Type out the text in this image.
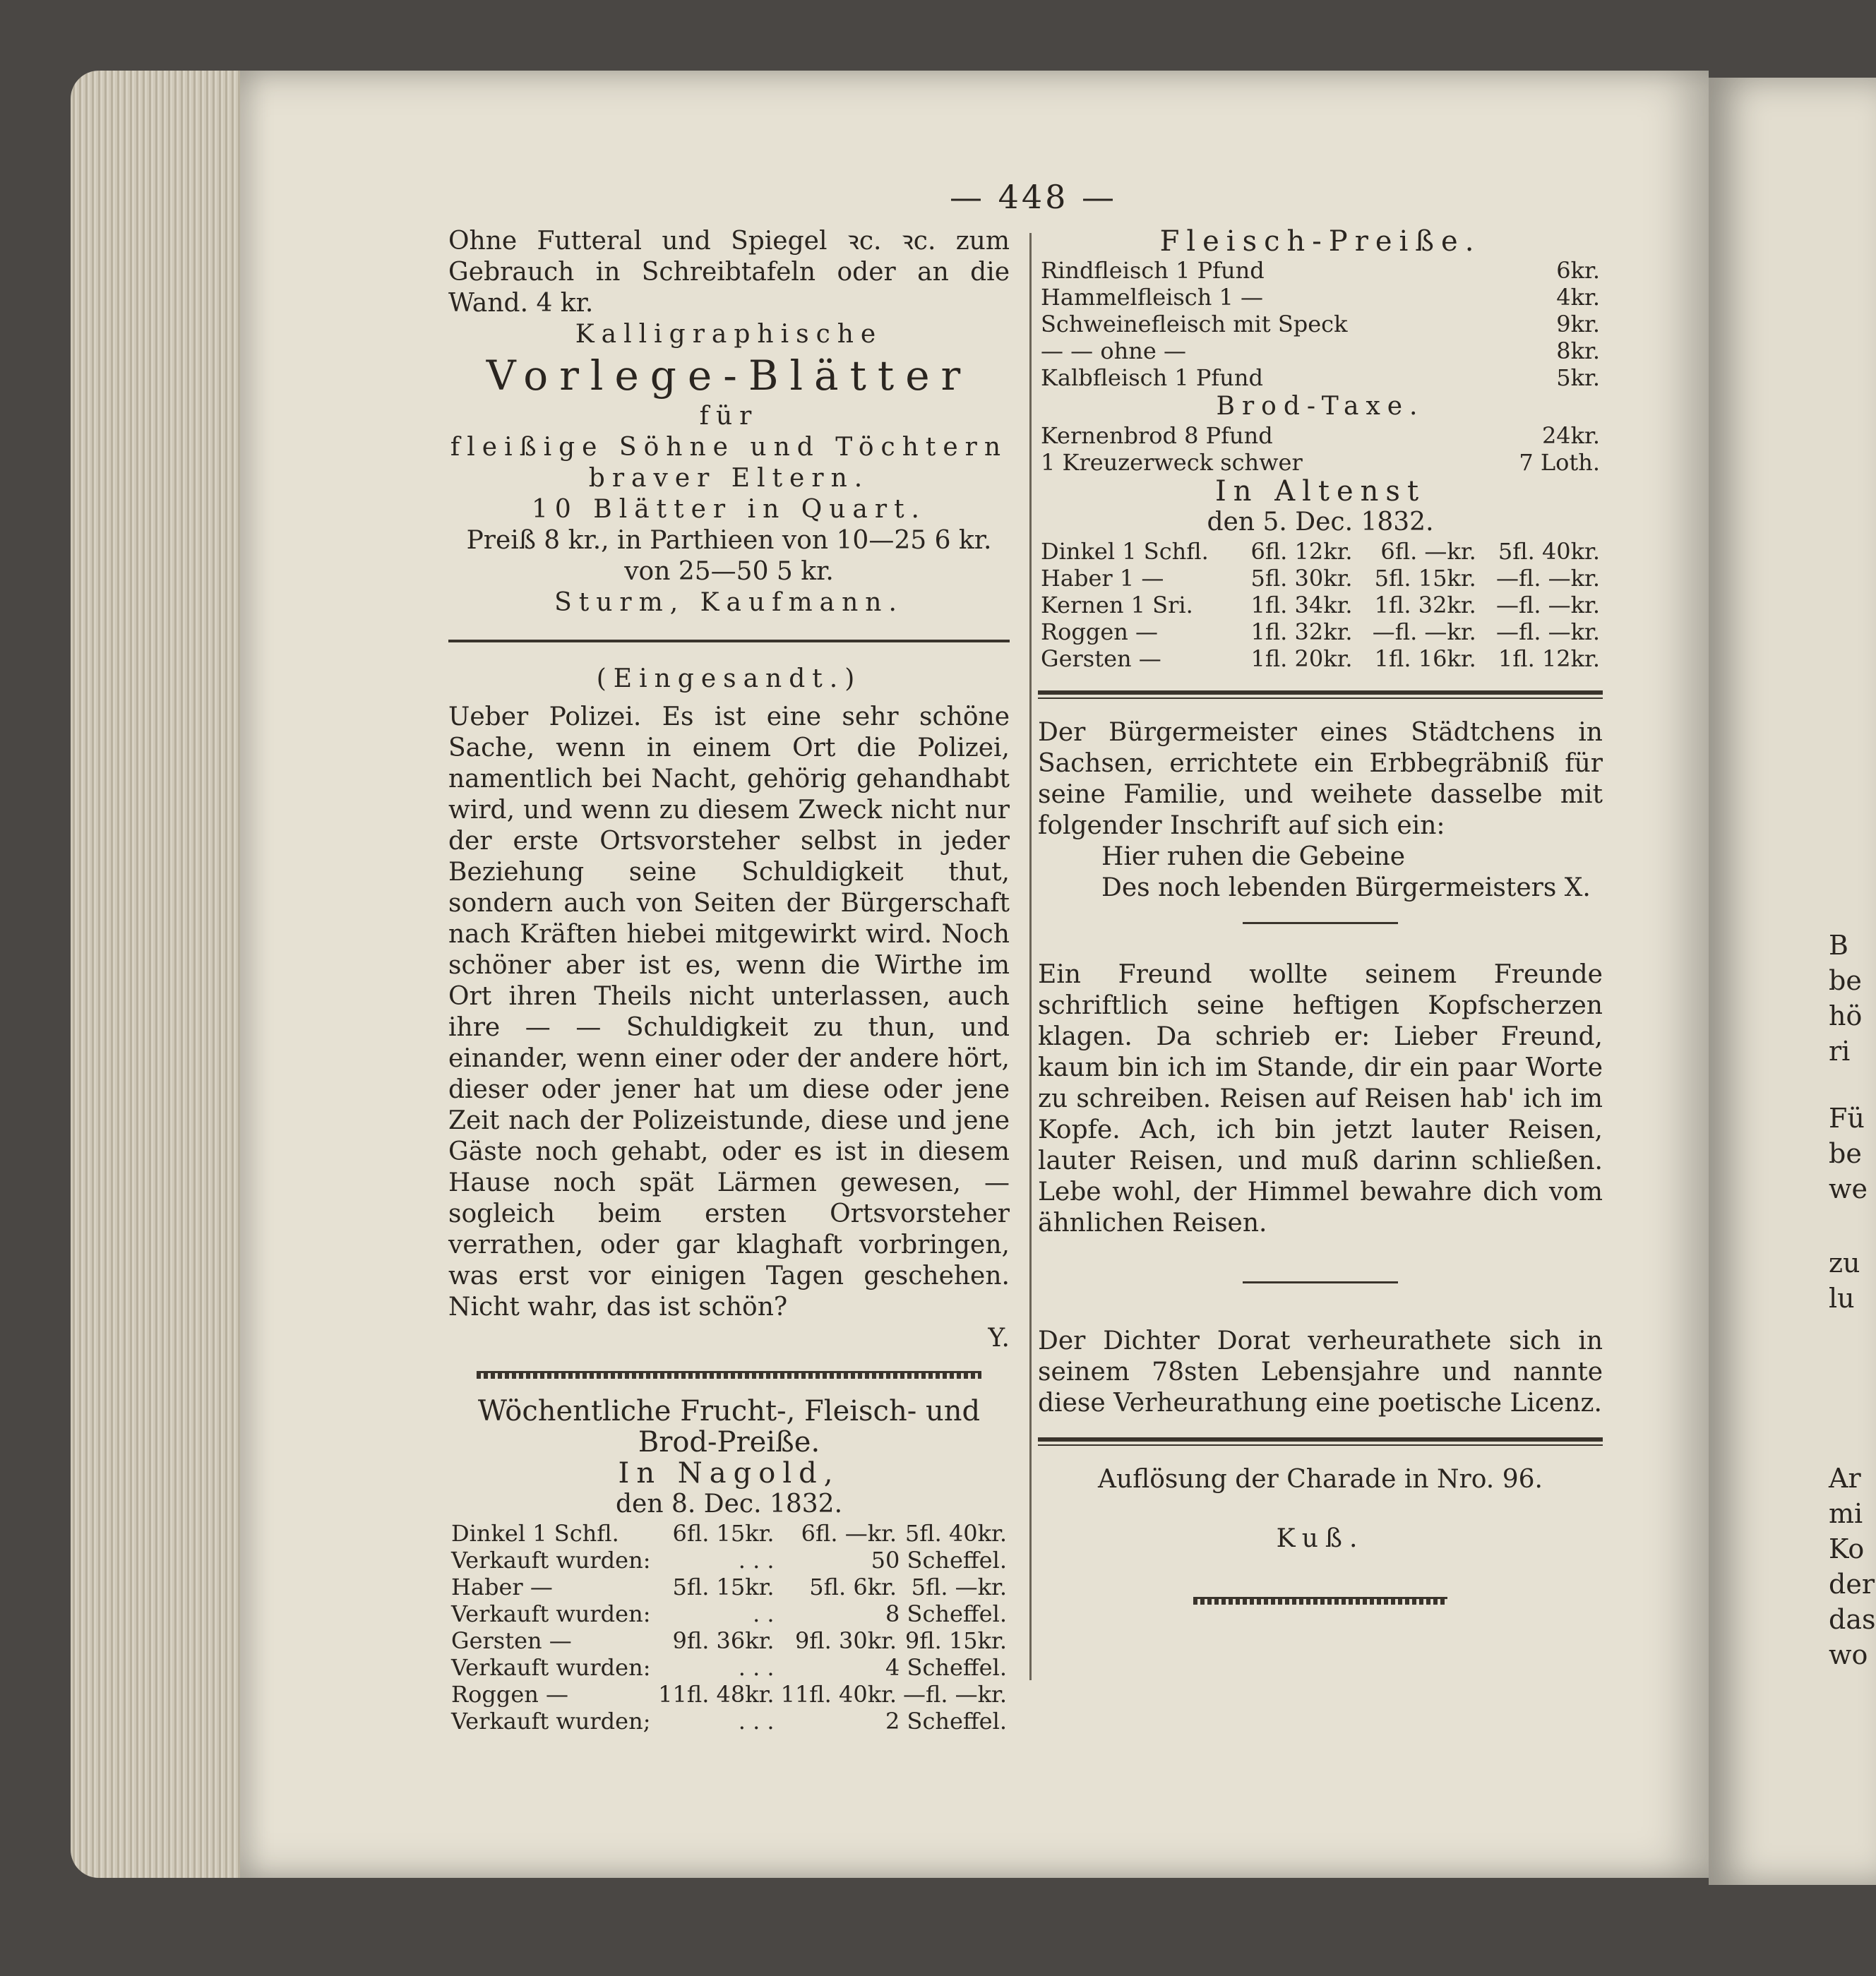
B
be
hö
ri
Fü
be
we
zu
lu
Ar
mi
Ko
der
das
wo
— 448 —

Ohne Futteral und Spiegel ꝛc. ꝛc. zum Gebrauch in Schreibtafeln oder an die Wand. 4 kr.

Kalligraphische

Vorlege-Blätter

für

fleißige Söhne und Töchtern

braver Eltern.

10 Blätter in Quart.

Preiß 8 kr., in Parthieen von 10—25 6 kr.

von 25—50 5 kr.

Sturm, Kaufmann.

(Eingesandt.)

Ueber Polizei. Es ist eine sehr schöne Sache, wenn in einem Ort die Polizei, namentlich bei Nacht, gehörig gehandhabt wird, und wenn zu diesem Zweck nicht nur der erste Ortsvorsteher selbst in jeder Beziehung seine Schuldigkeit thut, sondern auch von Seiten der Bürgerschaft nach Kräften hiebei mitgewirkt wird. Noch schöner aber ist es, wenn die Wirthe im Ort ihren Theils nicht unterlassen, auch ihre — — Schuldigkeit zu thun, und einander, wenn einer oder der andere hört, dieser oder jener hat um diese oder jene Zeit nach der Polizeistunde, diese und jene Gäste noch gehabt, oder es ist in diesem Hause noch spät Lärmen gewesen, — sogleich beim ersten Ortsvorsteher verrathen, oder gar klaghaft vorbringen, was erst vor einigen Tagen geschehen. Nicht wahr, das ist schön?

Y.

Wöchentliche Frucht-, Fleisch- und

Brod-Preiße.

In Nagold,

den 8. Dec. 1832.

Dinkel 1 Schfl.	6fl. 15kr.	6fl. —kr.	5fl. 40kr.
Verkauft wurden:	. . .	50 Scheffel.	
Haber —	5fl. 15kr.	5fl. 6kr.	5fl. —kr.
Verkauft wurden:	. .	8 Scheffel.	
Gersten —	9fl. 36kr.	9fl. 30kr.	9fl. 15kr.
Verkauft wurden:	. . .	4 Scheffel.	
Roggen —	11fl. 48kr.	11fl. 40kr.	—fl. —kr.
Verkauft wurden;	. . .	2 Scheffel.	

Fleisch-Preiße.

Rindfleisch 1 Pfund	6kr.
Hammelfleisch 1 —	4kr.
Schweinefleisch mit Speck	9kr.
— — ohne —	8kr.
Kalbfleisch 1 Pfund	5kr.

Brod-Taxe.

Kernenbrod 8 Pfund	24kr.
1 Kreuzerweck schwer	7 Loth.

In Altenst

den 5. Dec. 1832.

Dinkel 1 Schfl.	6fl. 12kr.	6fl. —kr.	5fl. 40kr.
Haber 1 —	5fl. 30kr.	5fl. 15kr.	—fl. —kr.
Kernen 1 Sri.	1fl. 34kr.	1fl. 32kr.	—fl. —kr.
Roggen —	1fl. 32kr.	—fl. —kr.	—fl. —kr.
Gersten —	1fl. 20kr.	1fl. 16kr.	1fl. 12kr.

Der Bürgermeister eines Städtchens in Sachsen, errichtete ein Erbbegräbniß für seine Familie, und weihete dasselbe mit folgender Inschrift auf sich ein:

Hier ruhen die Gebeine

Des noch lebenden Bürgermeisters X.

Ein Freund wollte seinem Freunde schriftlich seine heftigen Kopfscherzen klagen. Da schrieb er: Lieber Freund, kaum bin ich im Stande, dir ein paar Worte zu schreiben. Reisen auf Reisen hab' ich im Kopfe. Ach, ich bin jetzt lauter Reisen, lauter Reisen, und muß darinn schließen. Lebe wohl, der Himmel bewahre dich vom ähnlichen Reisen.

Der Dichter Dorat verheurathete sich in seinem 78sten Lebensjahre und nannte diese Verheurathung eine poetische Licenz.

Auflösung der Charade in Nro. 96.

Kuß.
